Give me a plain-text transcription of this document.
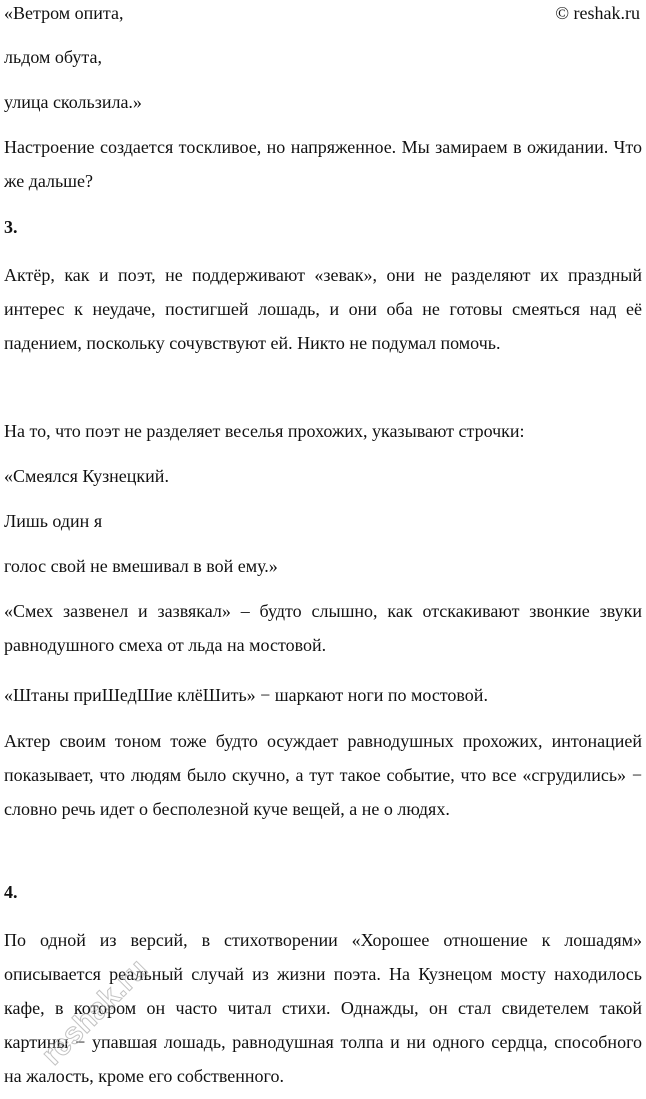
© reshak.ru
«Ветром опита,
льдом обута,
улица скользила.»
Настроение создается тоскливое, но напряженное. Мы замираем в ожидании. Что же дальше?
3.
Актёр, как и поэт, не поддерживают «зевак», они не разделяют их праздный интерес к неудаче, постигшей лошадь, и они оба не готовы смеяться над её падением, поскольку сочувствуют ей. Никто не подумал помочь.
На то, что поэт не разделяет веселья прохожих, указывают строчки:
«Смеялся Кузнецкий.
Лишь один я
голос свой не вмешивал в вой ему.»
«Смех зазвенел и зазвякал» – будто слышно, как отскакивают звонкие звуки равнодушного смеха от льда на мостовой.
«Штаны приШедШие клёШить» − шаркают ноги по мостовой.
Актер своим тоном тоже будто осуждает равнодушных прохожих, интонацией показывает, что людям было скучно, а тут такое событие, что все «сгрудились» − словно речь идет о бесполезной куче вещей, а не о людях.
4.
По одной из версий, в стихотворении «Хорошее отношение к лошадям» описывается реальный случай из жизни поэта. На Кузнецом мосту находилось кафе, в котором он часто читал стихи. Однажды, он стал свидетелем такой картины − упавшая лошадь, равнодушная толпа и ни одного сердца, способного на жалость, кроме его собственного.
reshak.ru
